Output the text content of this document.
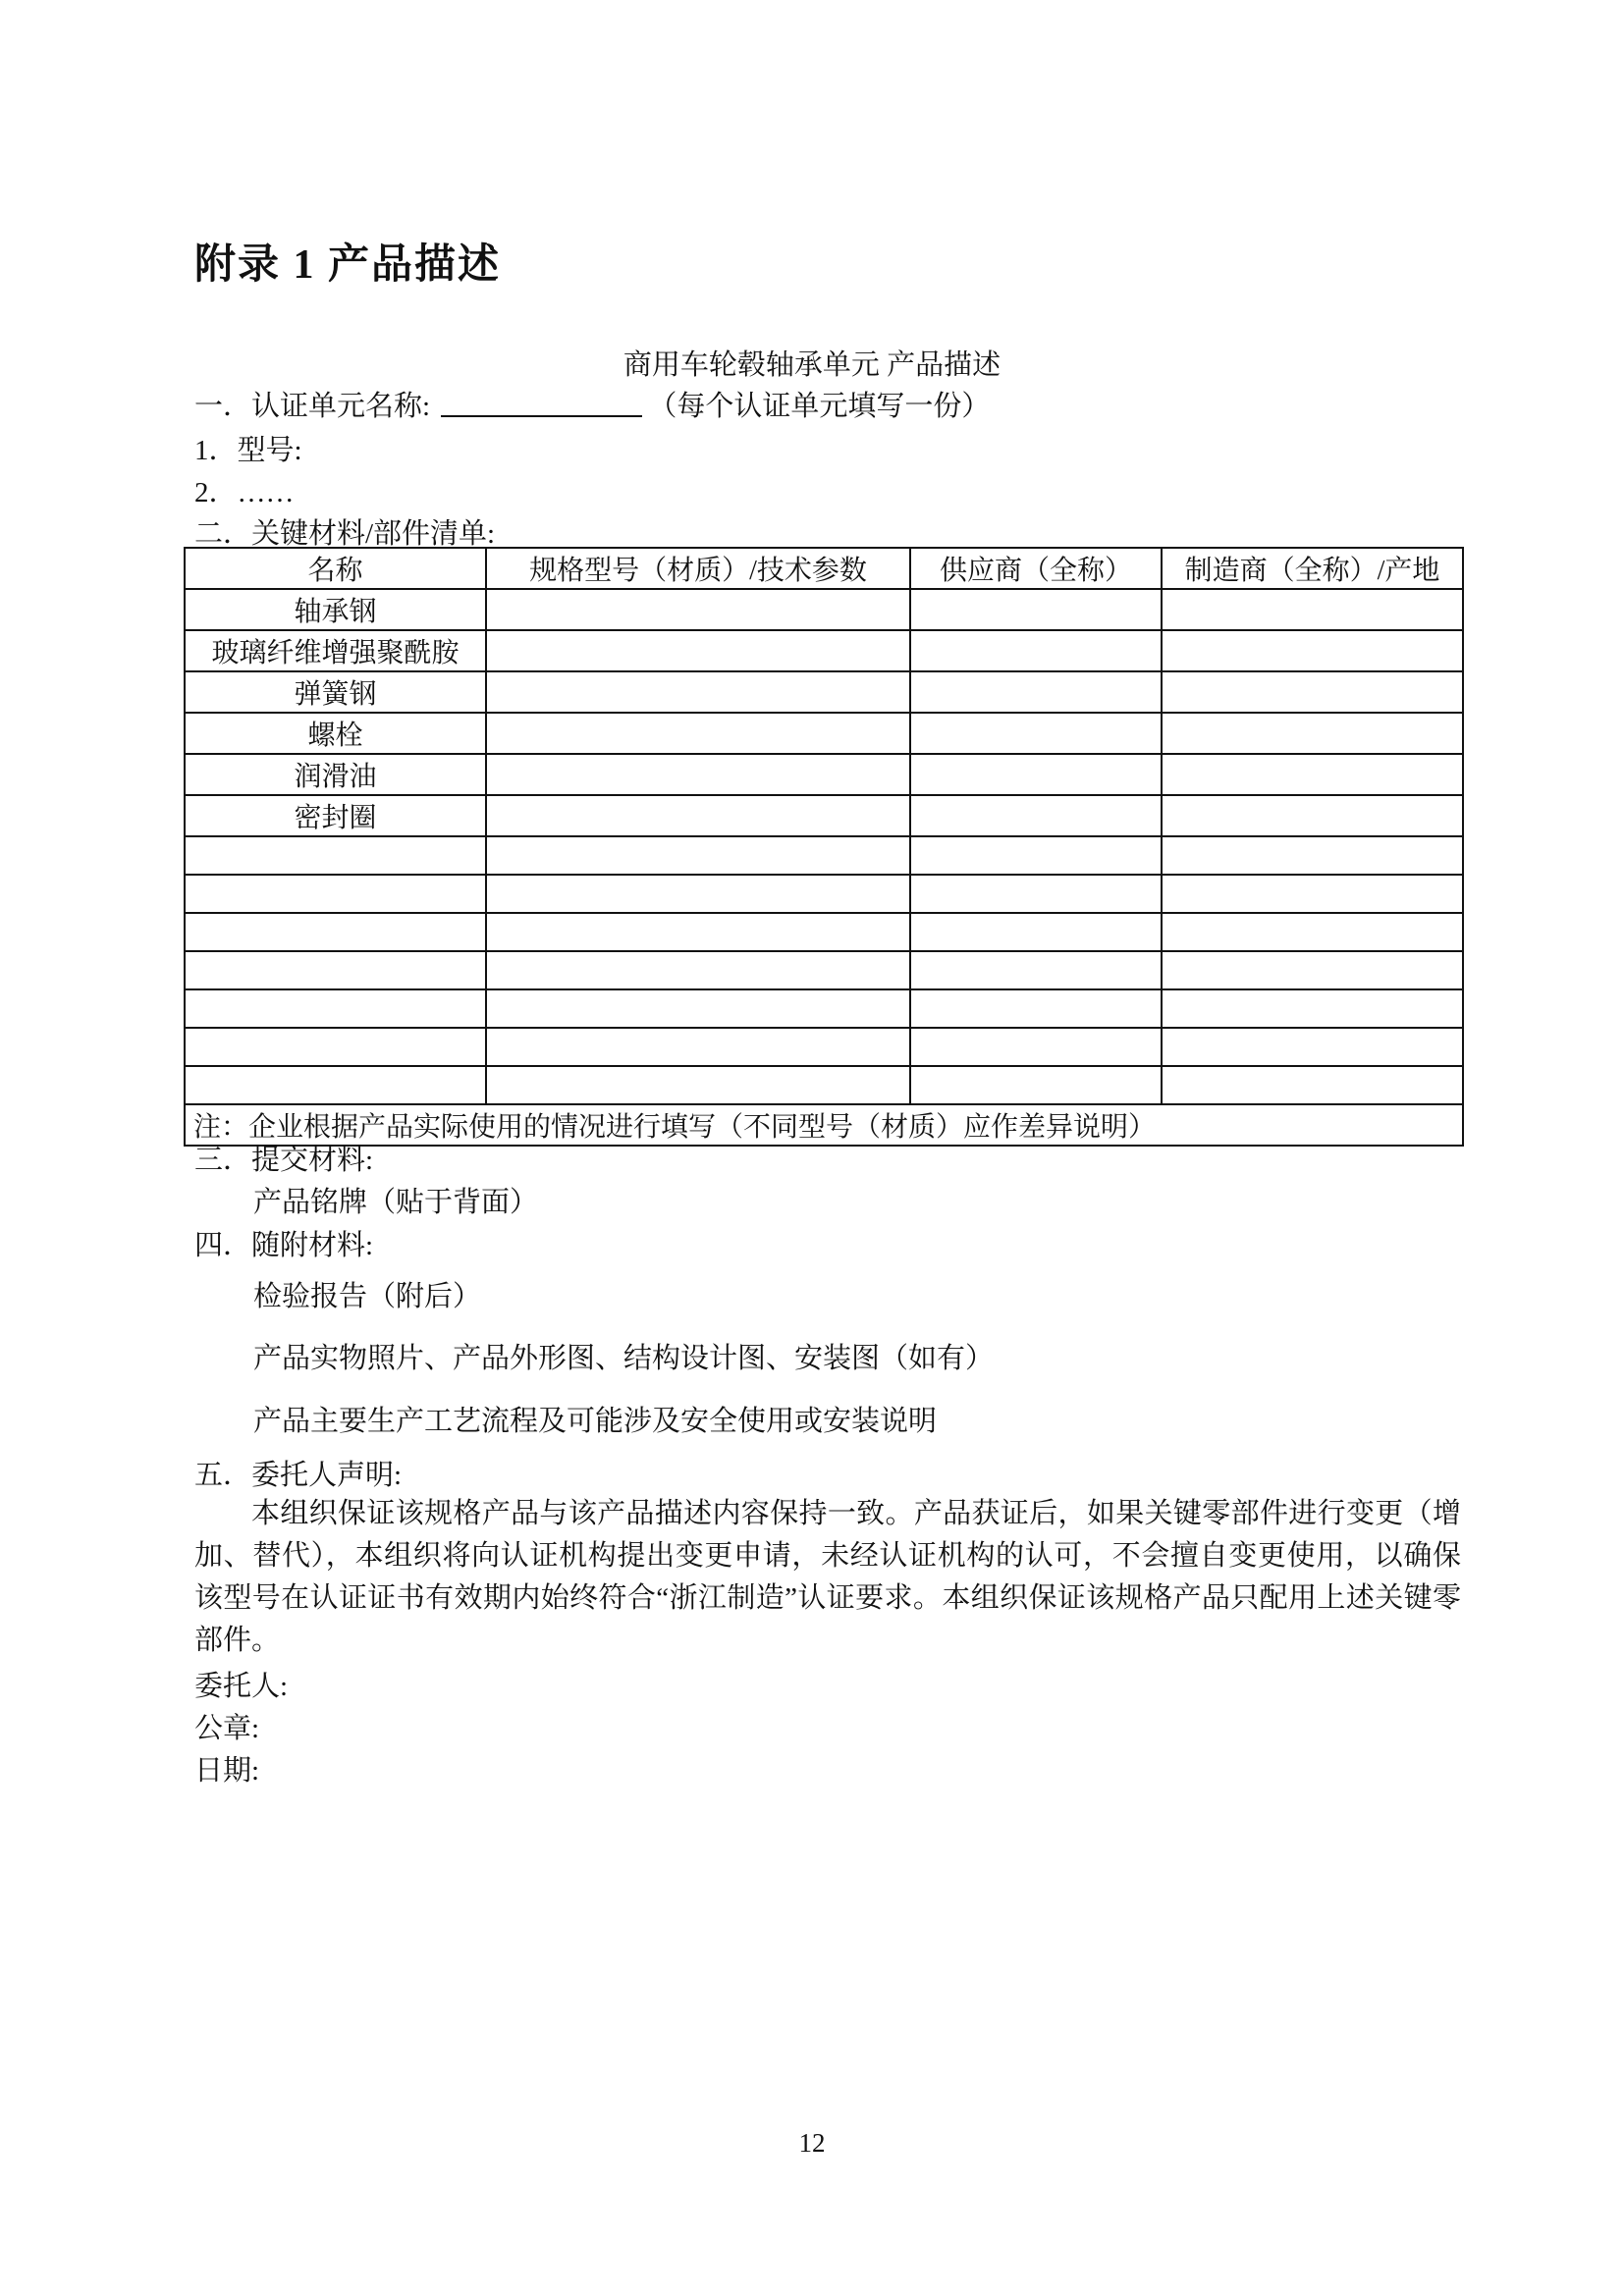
附录 1 产品描述
商用车轮毂轴承单元 产品描述
一．认证单元名称:	（每个认证单元填写一份）
1．型号:
2．……
二．关键材料/部件清单:
名称	规格型号（材质）/技术参数	供应商（全称）	制造商（全称）/产地
轴承钢			
玻璃纤维增强聚酰胺			
弹簧钢			
螺栓			
润滑油			
密封圈			

注：企业根据产品实际使用的情况进行填写（不同型号（材质）应作差异说明）			
三．提交材料:
产品铭牌（贴于背面）
四．随附材料:
检验报告（附后）
产品实物照片、产品外形图、结构设计图、安装图（如有）
产品主要生产工艺流程及可能涉及安全使用或安装说明
五．委托人声明:
本组织保证该规格产品与该产品描述内容保持一致。产品获证后，如果关键零部件进行变更（增加、替代），本组织将向认证机构提出变更申请，未经认证机构的认可，不会擅自变更使用，以确保该型号在认证证书有效期内始终符合“浙江制造”认证要求。本组织保证该规格产品只配用上述关键零部件。
委托人:
公章:
日期:
12
